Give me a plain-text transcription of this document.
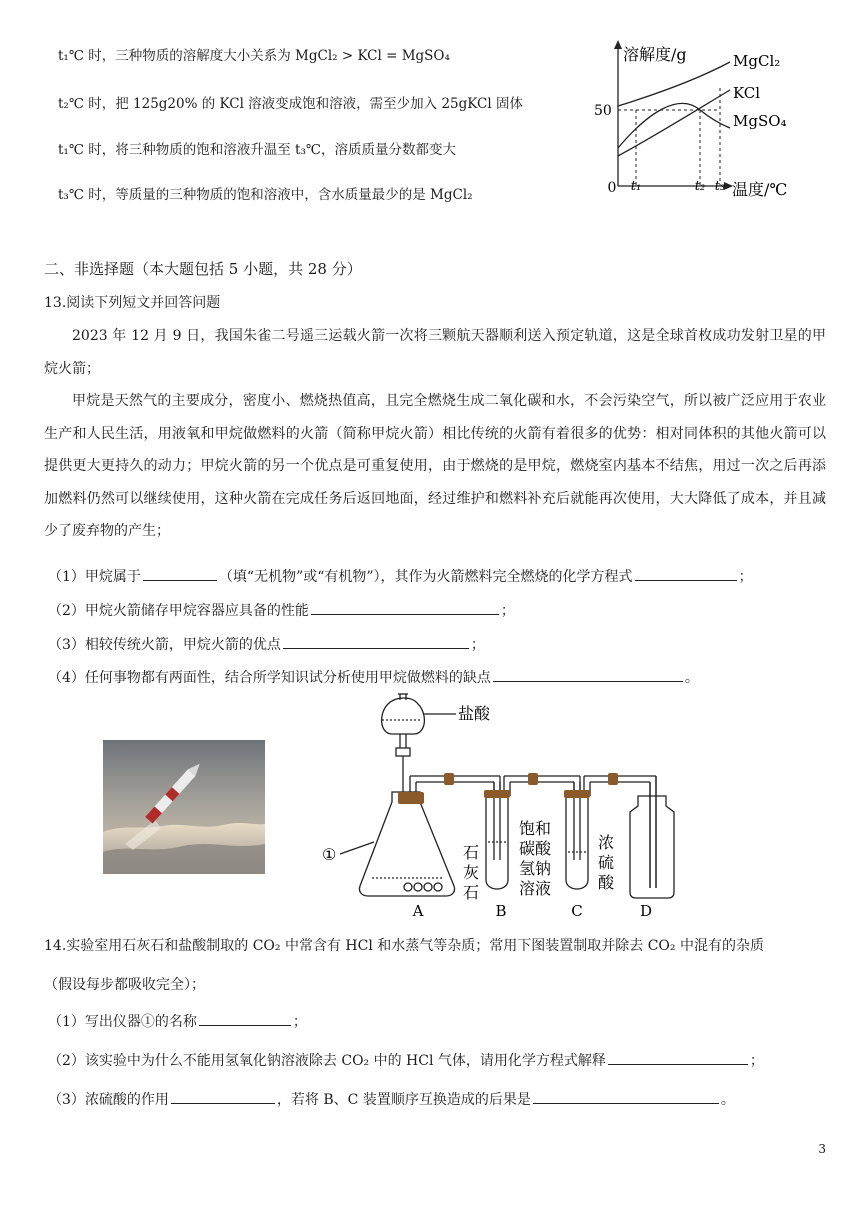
t₁℃ 时，三种物质的溶解度大小关系为 MgCl₂ > KCl = MgSO₄
t₂℃ 时，把 125g20% 的 KCl 溶液变成饱和溶液，需至少加入 25gKCl 固体
t₁℃ 时，将三种物质的饱和溶液升温至 t₃℃，溶质质量分数都变大
t₃℃ 时，等质量的三种物质的饱和溶液中，含水质量最少的是 MgCl₂
溶解度/g
温度/℃
0
50
MgCl₂
KCl
MgSO₄
t₁	t₂ t₃
二、非选择题（本大题包括 5 小题，共 28 分）
13.阅读下列短文并回答问题
2023 年 12 月 9 日，我国朱雀二号遥三运载火箭一次将三颗航天器顺利送入预定轨道，这是全球首枚成功发射卫星的甲烷火箭；
甲烷是天然气的主要成分，密度小、燃烧热值高，且完全燃烧生成二氧化碳和水，不会污染空气，所以被广泛应用于农业生产和人民生活，用液氧和甲烷做燃料的火箭（简称甲烷火箭）相比传统的火箭有着很多的优势：相对同体积的其他火箭可以提供更大更持久的动力；甲烷火箭的另一个优点是可重复使用，由于燃烧的是甲烷，燃烧室内基本不结焦，用过一次之后再添加燃料仍然可以继续使用，这种火箭在完成任务后返回地面，经过维护和燃料补充后就能再次使用，大大降低了成本，并且减少了废弃物的产生；
（1）甲烷属于	（填“无机物”或“有机物”），其作为火箭燃料完全燃烧的化学方程式	；
（2）甲烷火箭储存甲烷容器应具备的性能	；
（3）相较传统火箭，甲烷火箭的优点	；
（4）任何事物都有两面性，结合所学知识试分析使用甲烷做燃料的缺点	。
盐酸
①	石
灰
石
饱和
碳酸
氢钠
溶液
浓
硫
酸
A	B	C	D
14.实验室用石灰石和盐酸制取的 CO₂ 中常含有 HCl 和水蒸气等杂质；常用下图装置制取并除去 CO₂ 中混有的杂质
（假设每步都吸收完全）；
（1）写出仪器①的名称	；
（2）该实验中为什么不能用氢氧化钠溶液除去 CO₂ 中的 HCl 气体，请用化学方程式解释	；
（3）浓硫酸的作用	，若将 B、C 装置顺序互换造成的后果是	。
3
